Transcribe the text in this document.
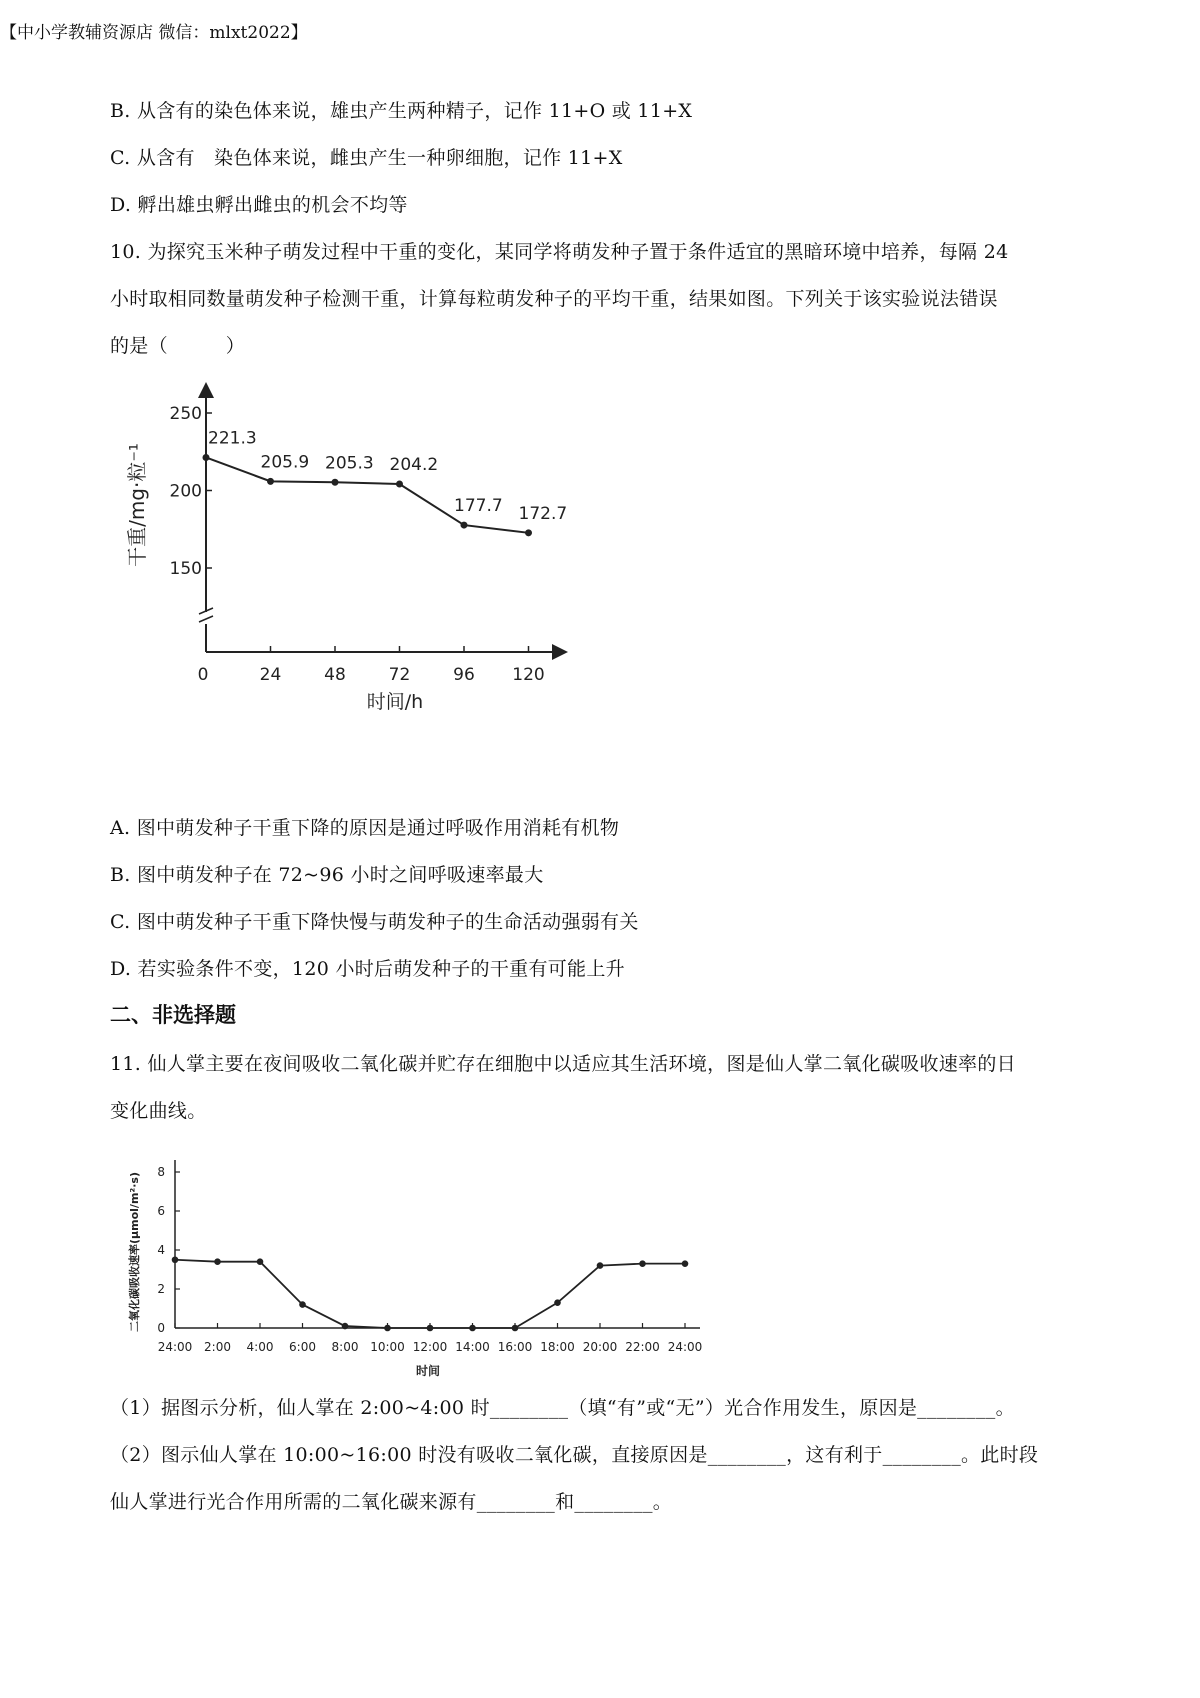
【中小学教辅资源店 微信：mlxt2022】
B. 从含有的染色体来说，雄虫产生两种精子，记作 11+O 或 11+X
C. 从含有　染色体来说，雌虫产生一种卵细胞，记作 11+X
D. 孵出雄虫孵出雌虫的机会不均等
10. 为探究玉米种子萌发过程中干重的变化，某同学将萌发种子置于条件适宜的黑暗环境中培养，每隔 24
小时取相同数量萌发种子检测干重，计算每粒萌发种子的平均干重，结果如图。下列关于该实验说法错误
的是（　　　）
150
200
250
0	24	48	72	96 120
221.3
205.9 205.3 204.2
177.7 172.7
干重/mg·粒⁻¹
时间/h
A. 图中萌发种子干重下降的原因是通过呼吸作用消耗有机物
B. 图中萌发种子在 72~96 小时之间呼吸速率最大
C. 图中萌发种子干重下降快慢与萌发种子的生命活动强弱有关
D. 若实验条件不变，120 小时后萌发种子的干重有可能上升
二、非选择题
11. 仙人掌主要在夜间吸收二氧化碳并贮存在细胞中以适应其生活环境，图是仙人掌二氧化碳吸收速率的日
变化曲线。
0
2
4
6
8
24:00 2:00 4:00 6:00 8:00 10:00 12:00 14:00 16:00 18:00 20:00 22:00 24:00
二氧化碳吸收速率(μmol/m²·s)
时间
（1）据图示分析，仙人掌在 2:00~4:00 时________（填“有”或“无”）光合作用发生，原因是________。
（2）图示仙人掌在 10:00~16:00 时没有吸收二氧化碳，直接原因是________，这有利于________。此时段
仙人掌进行光合作用所需的二氧化碳来源有________和________。
